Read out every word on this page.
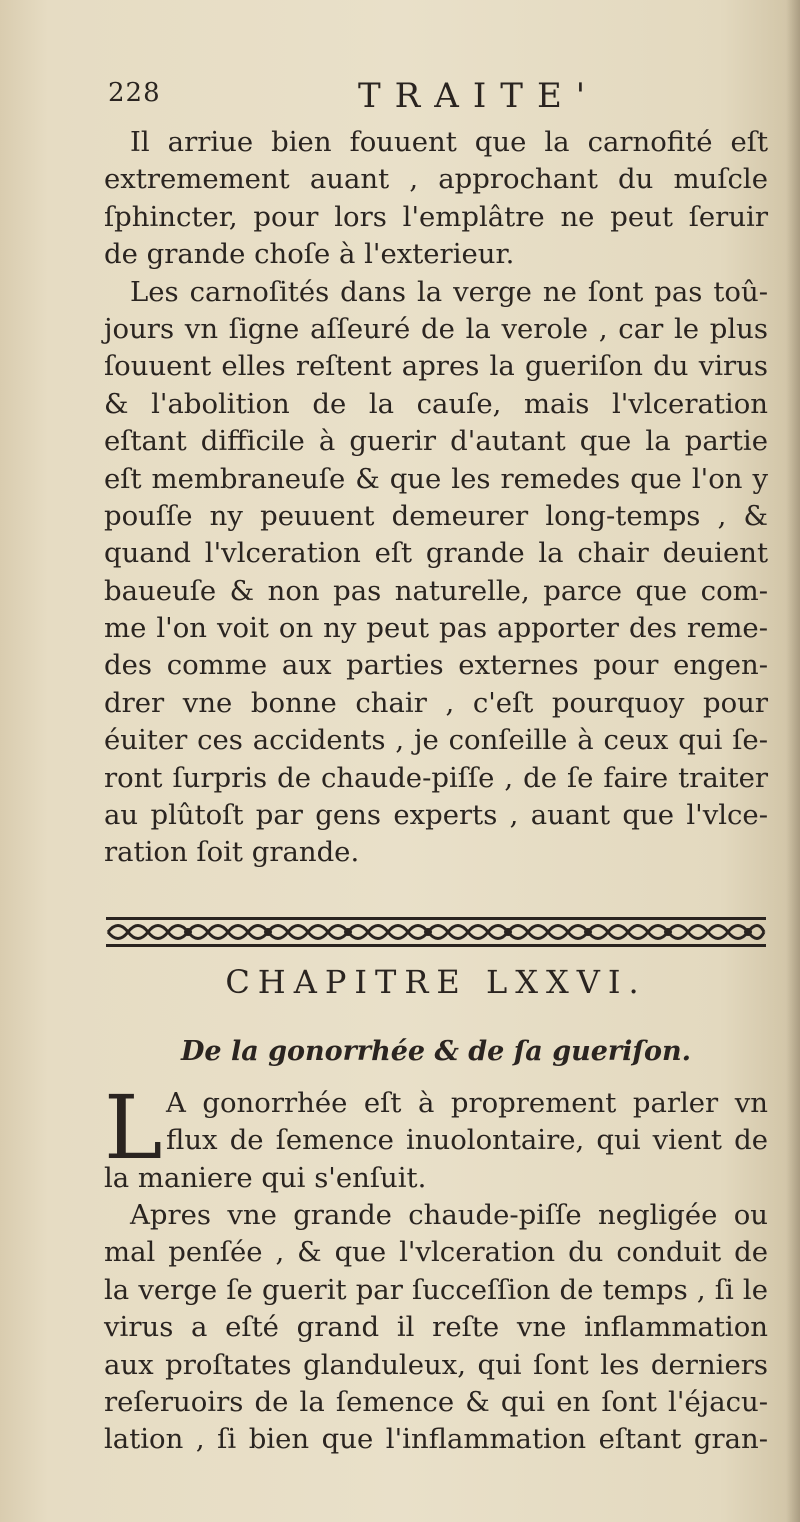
228	TRAITE'
Il arriue bien fouuent que la carnofité eſt
extremement auant , approchant du muſcle
ſphincter, pour lors l'emplâtre ne peut ſeruir
de grande choſe à l'exterieur.
Les carnoſités dans la verge ne ſont pas toû-
jours vn ſigne aſſeuré de la verole , car le plus
ſouuent elles reſtent apres la gueriſon du virus
& l'abolition de la cauſe, mais l'vlceration
eſtant difficile à guerir d'autant que la partie
eſt membraneuſe & que les remedes que l'on y
pouſſe ny peuuent demeurer long-temps , &
quand l'vlceration eſt grande la chair deuient
baueuſe & non pas naturelle, parce que com-
me l'on voit on ny peut pas apporter des reme-
des comme aux parties externes pour engen-
drer vne bonne chair , c'eſt pourquoy pour
éuiter ces accidents , je conſeille à ceux qui ſe-
ront ſurpris de chaude-piſſe , de ſe faire traiter
au plûtoſt par gens experts , auant que l'vlce-
ration ſoit grande.
CHAPITRE LXXVI.
De la gonorrhée & de ſa gueriſon.
L A gonorrhée eſt à proprement parler vn
flux de ſemence inuolontaire, qui vient de
la maniere qui s'enſuit.
Apres vne grande chaude-piſſe negligée ou
mal penſée , & que l'vlceration du conduit de
la verge ſe guerit par ſucceſſion de temps , ſi le
virus a eſté grand il reſte vne inflammation
aux proſtates glanduleux, qui ſont les derniers
reſeruoirs de la ſemence & qui en ſont l'éjacu-
lation , ſi bien que l'inflammation eſtant gran-
